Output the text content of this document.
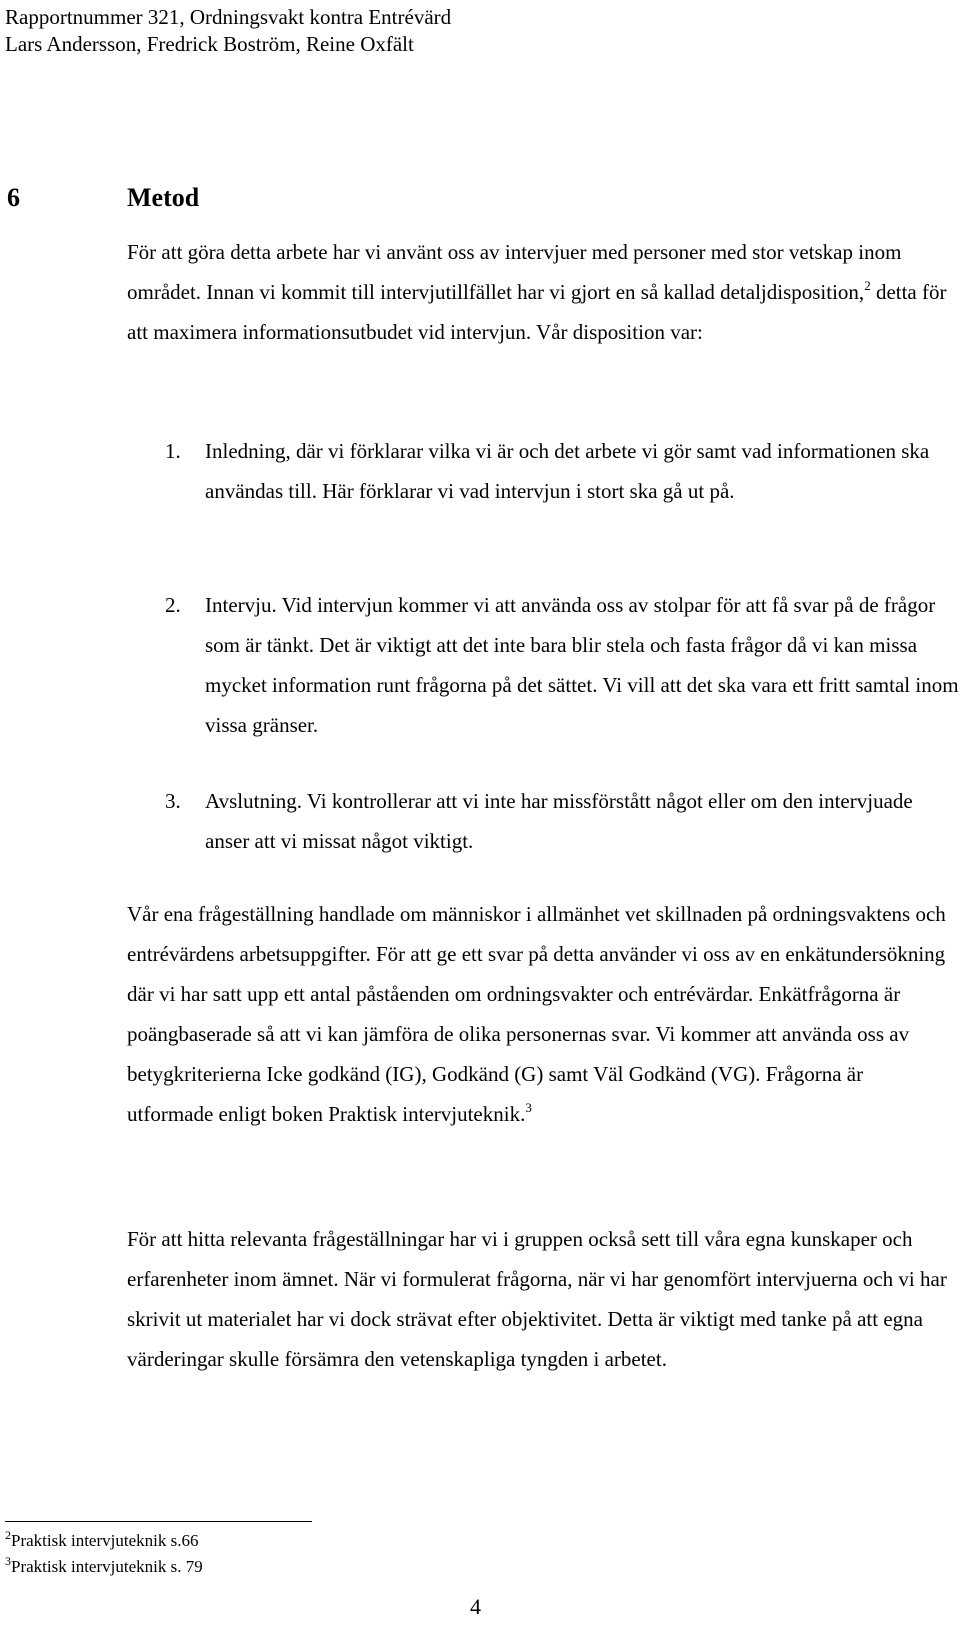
Rapportnummer 321, Ordningsvakt kontra Entrévärd
Lars Andersson, Fredrick Boström, Reine Oxfält
6	Metod

För att göra detta arbete har vi använt oss av intervjuer med personer med stor vetskap inom området. Innan vi kommit till intervjutillfället har vi gjort en så kallad detaljdisposition,$^2$ detta för att maximera informationsutbudet vid intervjun. Vår disposition var:

1. Inledning, där vi förklarar vilka vi är och det arbete vi gör samt vad informationen ska användas till. Här förklarar vi vad intervjun i stort ska gå ut på.
2. Intervju. Vid intervjun kommer vi att använda oss av stolpar för att få svar på de frågor som är tänkt. Det är viktigt att det inte bara blir stela och fasta frågor då vi kan missa mycket information runt frågorna på det sättet. Vi vill att det ska vara ett fritt samtal inom vissa gränser.
3. Avslutning. Vi kontrollerar att vi inte har missförstått något eller om den intervjuade anser att vi missat något viktigt.

Vår ena frågeställning handlade om människor i allmänhet vet skillnaden på ordningsvaktens och entrévärdens arbetsuppgifter. För att ge ett svar på detta använder vi oss av en enkätundersökning där vi har satt upp ett antal påståenden om ordningsvakter och entrévärdar. Enkätfrågorna är poängbaserade så att vi kan jämföra de olika personernas svar. Vi kommer att använda oss av betygkriterierna Icke godkänd (IG), Godkänd (G) samt Väl Godkänd (VG). Frågorna är utformade enligt boken Praktisk intervjuteknik.$^3$

För att hitta relevanta frågeställningar har vi i gruppen också sett till våra egna kunskaper och erfarenheter inom ämnet. När vi formulerat frågorna, när vi har genomfört intervjuerna och vi har skrivit ut materialet har vi dock strävat efter objektivitet. Detta är viktigt med tanke på att egna värderingar skulle försämra den vetenskapliga tyngden i arbetet.

$^2$Praktisk intervjuteknik s.66
$^3$Praktisk intervjuteknik s. 79
4
